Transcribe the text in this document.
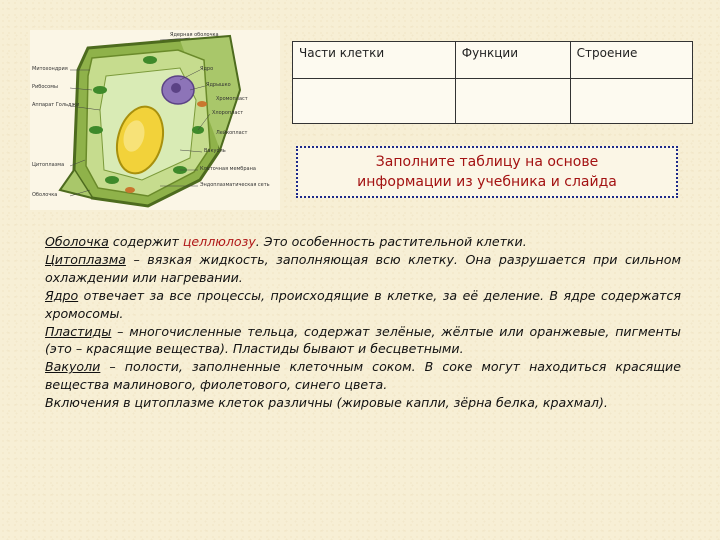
Ядерная оболочка
Ядро
Ядрышко
Хлоропласт
Вакуоль
Клеточная мембрана
Эндоплазматическая сеть
Митохондрия
Рибосомы
Аппарат Гольджи
Цитоплазма
Оболочка
Лейкопласт
Хромопласт
Части клетки	Функции	Строение

Заполните таблицу на основе
информации из учебника и слайда

Оболочка содержит целлюлозу. Это особенность растительной клетки.

Цитоплазма – вязкая жидкость, заполняющая всю клетку. Она разрушается при сильном охлаждении или нагревании.

Ядро отвечает за все процессы, происходящие в клетке, за её деление. В ядре содержатся хромосомы.

Пластиды – многочисленные тельца, содержат зелёные, жёлтые или оранжевые, пигменты (это – красящие вещества). Пластиды бывают и бесцветными.

Вакуоли – полости, заполненные клеточным соком. В соке могут находиться красящие вещества малинового, фиолетового, синего цвета.

Включения в цитоплазме клеток различны (жировые капли, зёрна белка, крахмал).
